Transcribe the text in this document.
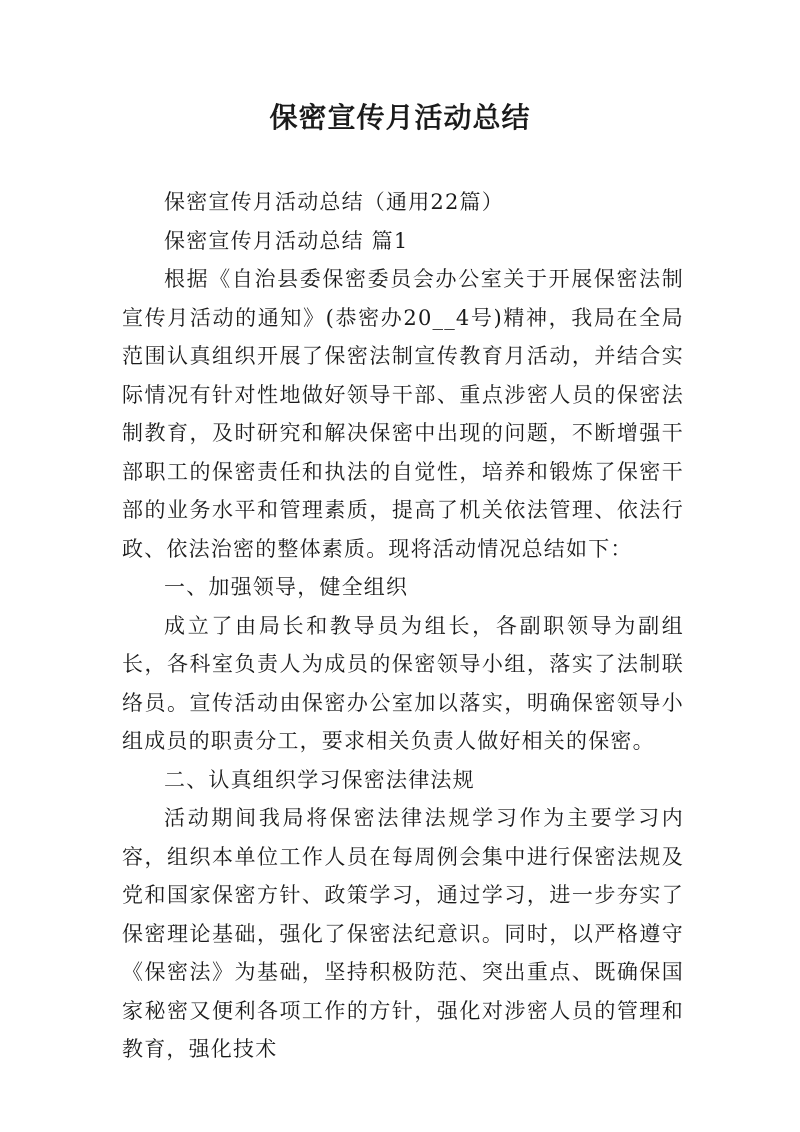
保密宣传月活动总结

保密宣传月活动总结（通用22篇）

保密宣传月活动总结 篇1

根据《自治县委保密委员会办公室关于开展保密法制宣传月活动的通知》(恭密办20__4号)精神，我局在全局范围认真组织开展了保密法制宣传教育月活动，并结合实际情况有针对性地做好领导干部、重点涉密人员的保密法制教育，及时研究和解决保密中出现的问题，不断增强干部职工的保密责任和执法的自觉性，培养和锻炼了保密干部的业务水平和管理素质，提高了机关依法管理、依法行政、依法治密的整体素质。现将活动情况总结如下：

一、加强领导，健全组织

成立了由局长和教导员为组长，各副职领导为副组长，各科室负责人为成员的保密领导小组，落实了法制联络员。宣传活动由保密办公室加以落实，明确保密领导小组成员的职责分工，要求相关负责人做好相关的保密。

二、认真组织学习保密法律法规

活动期间我局将保密法律法规学习作为主要学习内容，组织本单位工作人员在每周例会集中进行保密法规及党和国家保密方针、政策学习，通过学习，进一步夯实了保密理论基础，强化了保密法纪意识。同时，以严格遵守《保密法》为基础，坚持积极防范、突出重点、既确保国家秘密又便利各项工作的方针，强化对涉密人员的管理和教育，强化技术
